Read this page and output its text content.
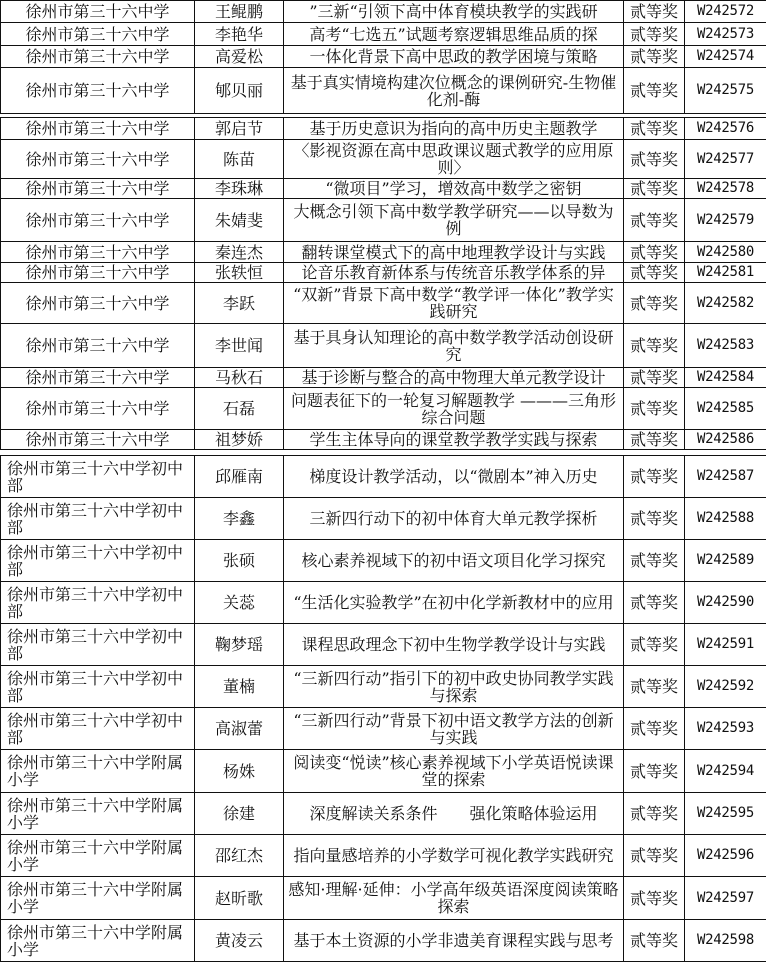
徐州市第三十六中学	王鲲鹏	”三新“引领下高中体育模块教学的实践研	贰等奖	W242572
徐州市第三十六中学	李艳华	高考“七选五”试题考察逻辑思维品质的探	贰等奖	W242573
徐州市第三十六中学	高爱松	一体化背景下高中思政的教学困境与策略	贰等奖	W242574
徐州市第三十六中学	郇贝丽	基于真实情境构建次位概念的课例研究-生物催化剂-酶	贰等奖	W242575
徐州市第三十六中学	郭启节	基于历史意识为指向的高中历史主题教学	贰等奖	W242576
徐州市第三十六中学	陈苗	〈影视资源在高中思政课议题式教学的应用原则〉	贰等奖	W242577
徐州市第三十六中学	李珠琳	“微项目”学习，增效高中数学之密钥	贰等奖	W242578
徐州市第三十六中学	朱婧斐	大概念引领下高中数学教学研究——以导数为例	贰等奖	W242579
徐州市第三十六中学	秦连杰	翻转课堂模式下的高中地理教学设计与实践	贰等奖	W242580
徐州市第三十六中学	张轶恒	论音乐教育新体系与传统音乐教学体系的异	贰等奖	W242581
徐州市第三十六中学	李跃	“双新”背景下高中数学“教学评一体化”教学实践研究	贰等奖	W242582
徐州市第三十六中学	李世闻	基于具身认知理论的高中数学教学活动创设研究	贰等奖	W242583
徐州市第三十六中学	马秋石	基于诊断与整合的高中物理大单元教学设计	贰等奖	W242584
徐州市第三十六中学	石磊	问题表征下的一轮复习解题教学 ———三角形综合问题	贰等奖	W242585
徐州市第三十六中学	祖梦娇	学生主体导向的课堂教学教学实践与探索	贰等奖	W242586
徐州市第三十六中学初中部	邱雁南	梯度设计教学活动，以“微剧本”神入历史	贰等奖	W242587
徐州市第三十六中学初中部	李鑫	三新四行动下的初中体育大单元教学探析	贰等奖	W242588
徐州市第三十六中学初中部	张硕	核心素养视域下的初中语文项目化学习探究	贰等奖	W242589
徐州市第三十六中学初中部	关蕊	“生活化实验教学”在初中化学新教材中的应用	贰等奖	W242590
徐州市第三十六中学初中部	鞠梦瑶	课程思政理念下初中生物学教学设计与实践	贰等奖	W242591
徐州市第三十六中学初中部	董楠	“三新四行动”指引下的初中政史协同教学实践与探索	贰等奖	W242592
徐州市第三十六中学初中部	高淑蕾	“三新四行动”背景下初中语文教学方法的创新与实践	贰等奖	W242593
徐州市第三十六中学附属小学	杨姝	阅读变“悦读”核心素养视域下小学英语悦读课堂的探索	贰等奖	W242594
徐州市第三十六中学附属小学	徐建	深度解读关系条件　　强化策略体验运用	贰等奖	W242595
徐州市第三十六中学附属小学	邵红杰	指向量感培养的小学数学可视化教学实践研究	贰等奖	W242596
徐州市第三十六中学附属小学	赵昕歌	感知·理解·延伸：小学高年级英语深度阅读策略探索	贰等奖	W242597
徐州市第三十六中学附属小学	黄凌云	基于本土资源的小学非遗美育课程实践与思考	贰等奖	W242598
